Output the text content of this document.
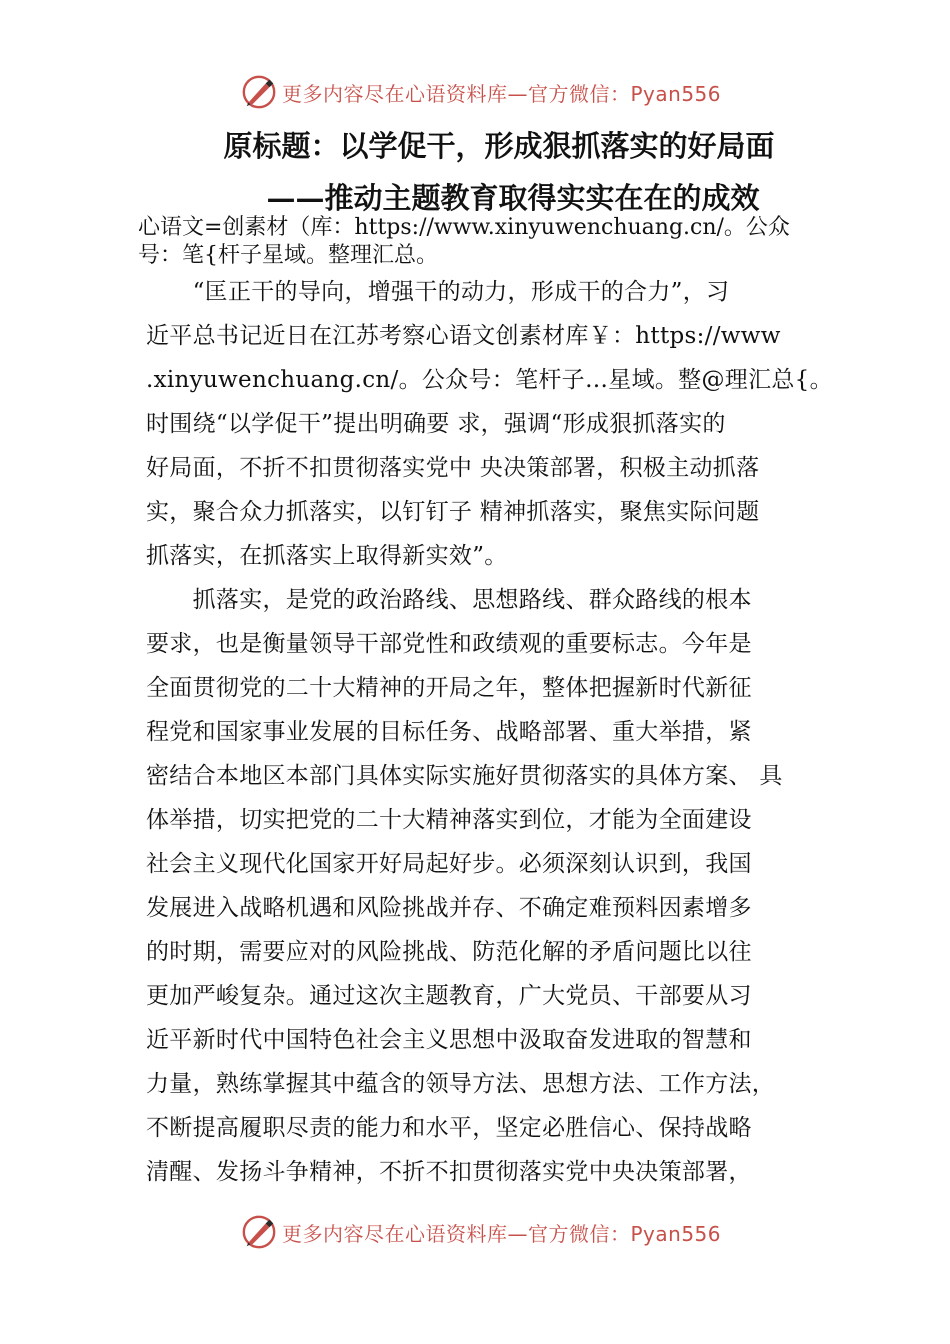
更多内容尽在心语资料库—官方微信：Pyan556
原标题：以学促干，形成狠抓落实的好局面
——推动主题教育取得实实在在的成效
心语文=创素材（库：https://www.xinyuwenchuang.cn/。公众
号：笔{杆子星域。整理汇总。
　　“匡正干的导向，增强干的动力，形成干的合力”，习
近平总书记近日在江苏考察心语文创素材库￥：https://www
.xinyuwenchuang.cn/。公众号：笔杆子…星域。整@理汇总{。
时围绕“以学促干”提出明确要 求，强调“形成狠抓落实的
好局面，不折不扣贯彻落实党中 央决策部署，积极主动抓落
实，聚合众力抓落实，以钉钉子 精神抓落实，聚焦实际问题
抓落实，在抓落实上取得新实效”。
　　抓落实，是党的政治路线、思想路线、群众路线的根本
要求，也是衡量领导干部党性和政绩观的重要标志。今年是
全面贯彻党的二十大精神的开局之年，整体把握新时代新征
程党和国家事业发展的目标任务、战略部署、重大举措，紧
密结合本地区本部门具体实际实施好贯彻落实的具体方案、 具
体举措，切实把党的二十大精神落实到位，才能为全面建设
社会主义现代化国家开好局起好步。必须深刻认识到，我国
发展进入战略机遇和风险挑战并存、不确定难预料因素增多
的时期，需要应对的风险挑战、防范化解的矛盾问题比以往
更加严峻复杂。通过这次主题教育，广大党员、干部要从习
近平新时代中国特色社会主义思想中汲取奋发进取的智慧和
力量，熟练掌握其中蕴含的领导方法、思想方法、工作方法，
不断提高履职尽责的能力和水平，坚定必胜信心、保持战略
清醒、发扬斗争精神，不折不扣贯彻落实党中央决策部署，
更多内容尽在心语资料库—官方微信：Pyan556
